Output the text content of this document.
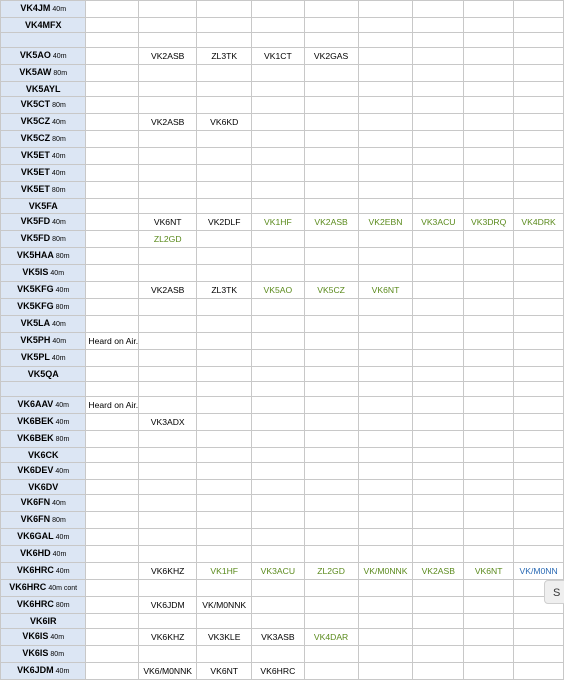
VK4JM 40m									
VK4MFX									

VK5AO 40m		VK2ASB	ZL3TK	VK1CT	VK2GAS				
VK5AW 80m									
VK5AYL									
VK5CT 80m									
VK5CZ 40m		VK2ASB	VK6KD						
VK5CZ 80m									
VK5ET 40m									
VK5ET 40m									
VK5ET 80m									
VK5FA									
VK5FD 40m		VK6NT	VK2DLF	VK1HF	VK2ASB	VK2EBN	VK3ACU	VK3DRQ	VK4DRK
VK5FD 80m		ZL2GD							
VK5HAA 80m									
VK5IS 40m									
VK5KFG 40m		VK2ASB	ZL3TK	VK5AO	VK5CZ	VK6NT			
VK5KFG 80m									
VK5LA 40m									
VK5PH 40m	Heard on Air.								
VK5PL 40m									
VK5QA									

VK6AAV 40m	Heard on Air.								
VK6BEK 40m		VK3ADX							
VK6BEK 80m									
VK6CK									
VK6DEV 40m									
VK6DV									
VK6FN 40m									
VK6FN 80m									
VK6GAL 40m									
VK6HD 40m									
VK6HRC 40m		VK6KHZ	VK1HF	VK3ACU	ZL2GD	VK/M0NNK	VK2ASB	VK6NT	VK/M0NN
VK6HRC 40m cont									
VK6HRC 80m		VK6JDM	VK/M0NNK						
VK6IR									
VK6IS 40m		VK6KHZ	VK3KLE	VK3ASB	VK4DAR				
VK6IS 80m									
VK6JDM 40m		VK6/M0NNK	VK6NT	VK6HRC					
S
